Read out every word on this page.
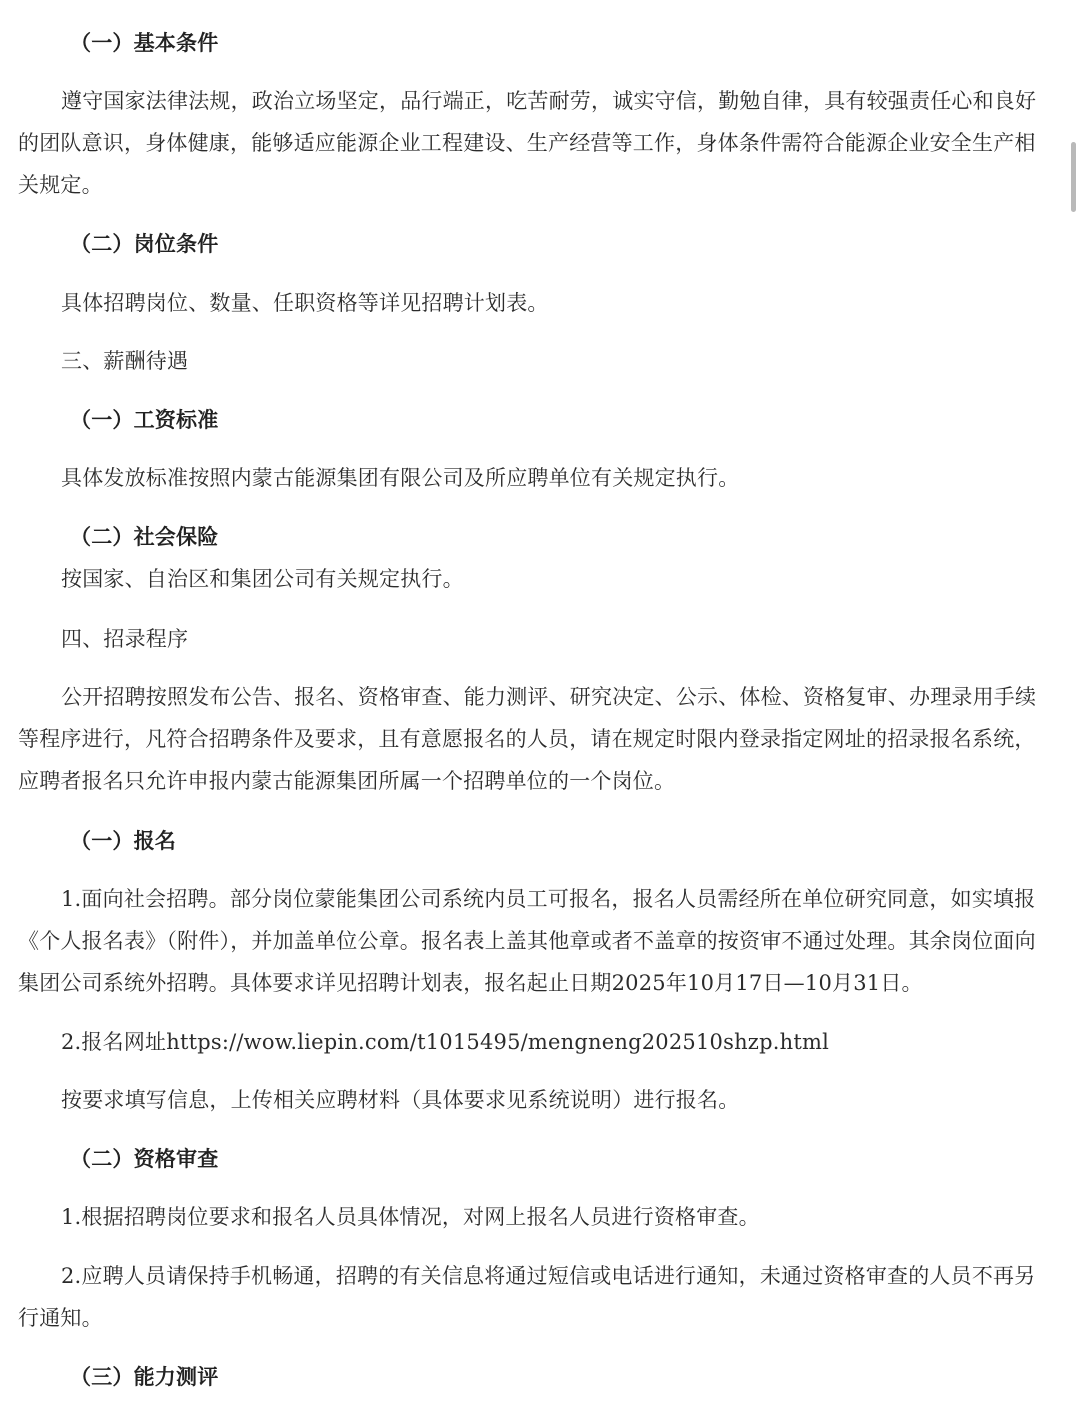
（一）基本条件
遵守国家法律法规，政治立场坚定，品行端正，吃苦耐劳，诚实守信，勤勉自律，具有较强责任心和良好的团队意识，身体健康，能够适应能源企业工程建设、生产经营等工作，身体条件需符合能源企业安全生产相关规定。
（二）岗位条件
具体招聘岗位、数量、任职资格等详见招聘计划表。
三、薪酬待遇
（一）工资标准
具体发放标准按照内蒙古能源集团有限公司及所应聘单位有关规定执行。
（二）社会保险
按国家、自治区和集团公司有关规定执行。
四、招录程序
公开招聘按照发布公告、报名、资格审查、能力测评、研究决定、公示、体检、资格复审、办理录用手续等程序进行，凡符合招聘条件及要求，且有意愿报名的人员，请在规定时限内登录指定网址的招录报名系统，应聘者报名只允许申报内蒙古能源集团所属一个招聘单位的一个岗位。
（一）报名
1.面向社会招聘。部分岗位蒙能集团公司系统内员工可报名，报名人员需经所在单位研究同意，如实填报《个人报名表》（附件），并加盖单位公章。报名表上盖其他章或者不盖章的按资审不通过处理。其余岗位面向集团公司系统外招聘。具体要求详见招聘计划表，报名起止日期2025年10月17日—10月31日。
2.报名网址https://wow.liepin.com/t1015495/mengneng202510shzp.html
按要求填写信息，上传相关应聘材料（具体要求见系统说明）进行报名。
（二）资格审查
1.根据招聘岗位要求和报名人员具体情况，对网上报名人员进行资格审查。
2.应聘人员请保持手机畅通，招聘的有关信息将通过短信或电话进行通知，未通过资格审查的人员不再另行通知。
（三）能力测评
